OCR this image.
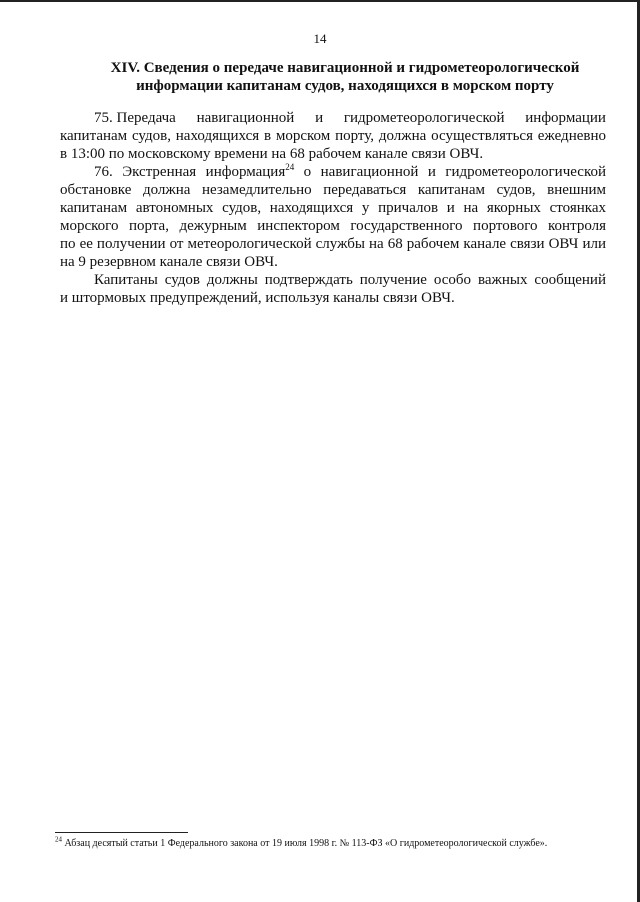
14
XIV. Сведения о передаче навигационной и гидрометеорологической
информации капитанам судов, находящихся в морском порту
75. Передача навигационной и гидрометеорологической информации
капитанам судов, находящихся в морском порту, должна осуществляться ежедневно
в 13:00 по московскому времени на 68 рабочем канале связи ОВЧ.
76. Экстренная информация$^{24}$ о навигационной и гидрометеорологической
обстановке должна незамедлительно передаваться капитанам судов, внешним
капитанам автономных судов, находящихся у причалов и на якорных стоянках
морского порта, дежурным инспектором государственного портового контроля
по ее получении от метеорологической службы на 68 рабочем канале связи ОВЧ или
на 9 резервном канале связи ОВЧ.
Капитаны судов должны подтверждать получение особо важных сообщений
и штормовых предупреждений, используя каналы связи ОВЧ.
$^{24}$ Абзац десятый статьи 1 Федерального закона от 19 июля 1998 г. № 113-ФЗ «О гидрометеорологической службе».
